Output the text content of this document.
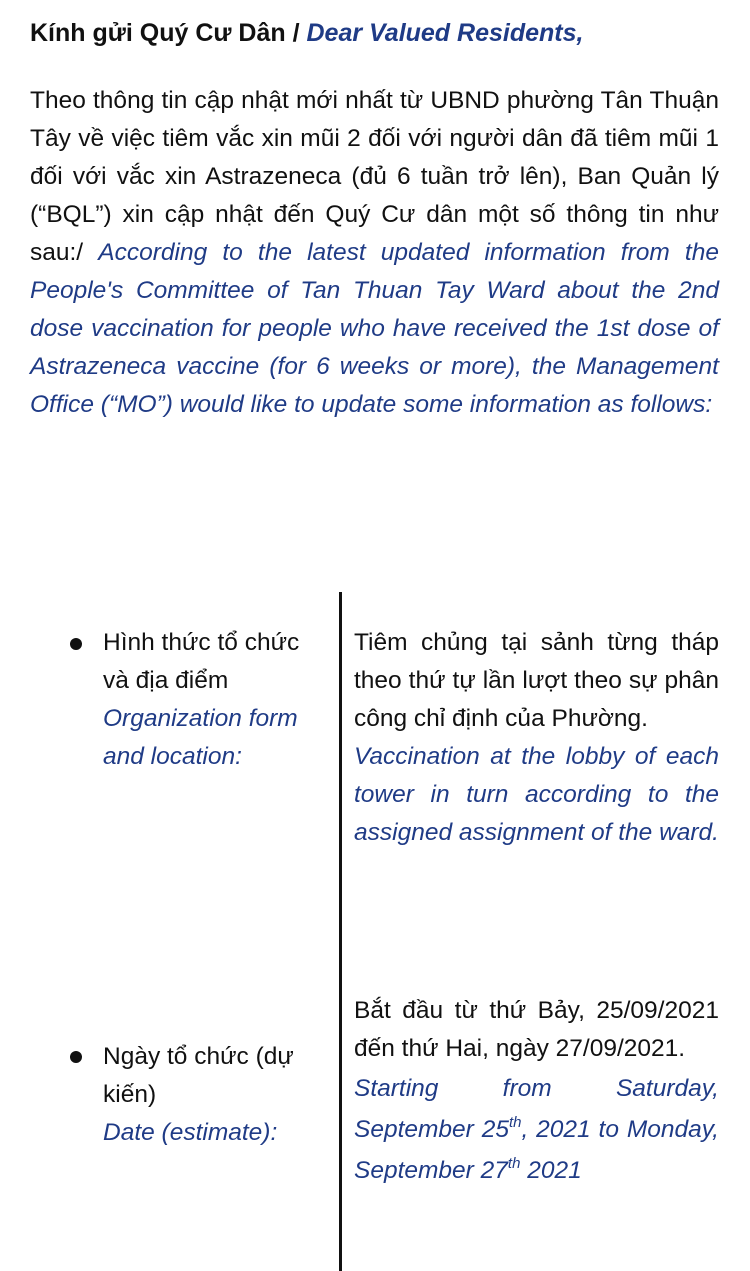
Kính gửi Quý Cư Dân / Dear Valued Residents,
Theo thông tin cập nhật mới nhất từ UBND phường Tân Thuận Tây về việc tiêm vắc xin mũi 2 đối với người dân đã tiêm mũi 1 đối với vắc xin Astrazeneca (đủ 6 tuần trở lên), Ban Quản lý (“BQL”) xin cập nhật đến Quý Cư dân một số thông tin như sau:/ According to the latest updated information from the People's Committee of Tan Thuan Tay Ward about the 2nd dose vaccination for people who have received the 1st dose of Astrazeneca vaccine (for 6 weeks or more), the Management Office (“MO”) would like to update some information as follows:
Hình thức tổ chức và địa điểm
Organization form and location:

Tiêm chủng tại sảnh từng tháp theo thứ tự lần lượt theo sự phân công chỉ định của Phường.

Vaccination at the lobby of each tower in turn according to the assigned assignment of the ward.

Ngày tổ chức (dự kiến)
Date (estimate):

Bắt đầu từ thứ Bảy, 25/09/2021 đến thứ Hai, ngày 27/09/2021.

Starting from Saturday, September 25th, 2021 to Monday, September 27th 2021
